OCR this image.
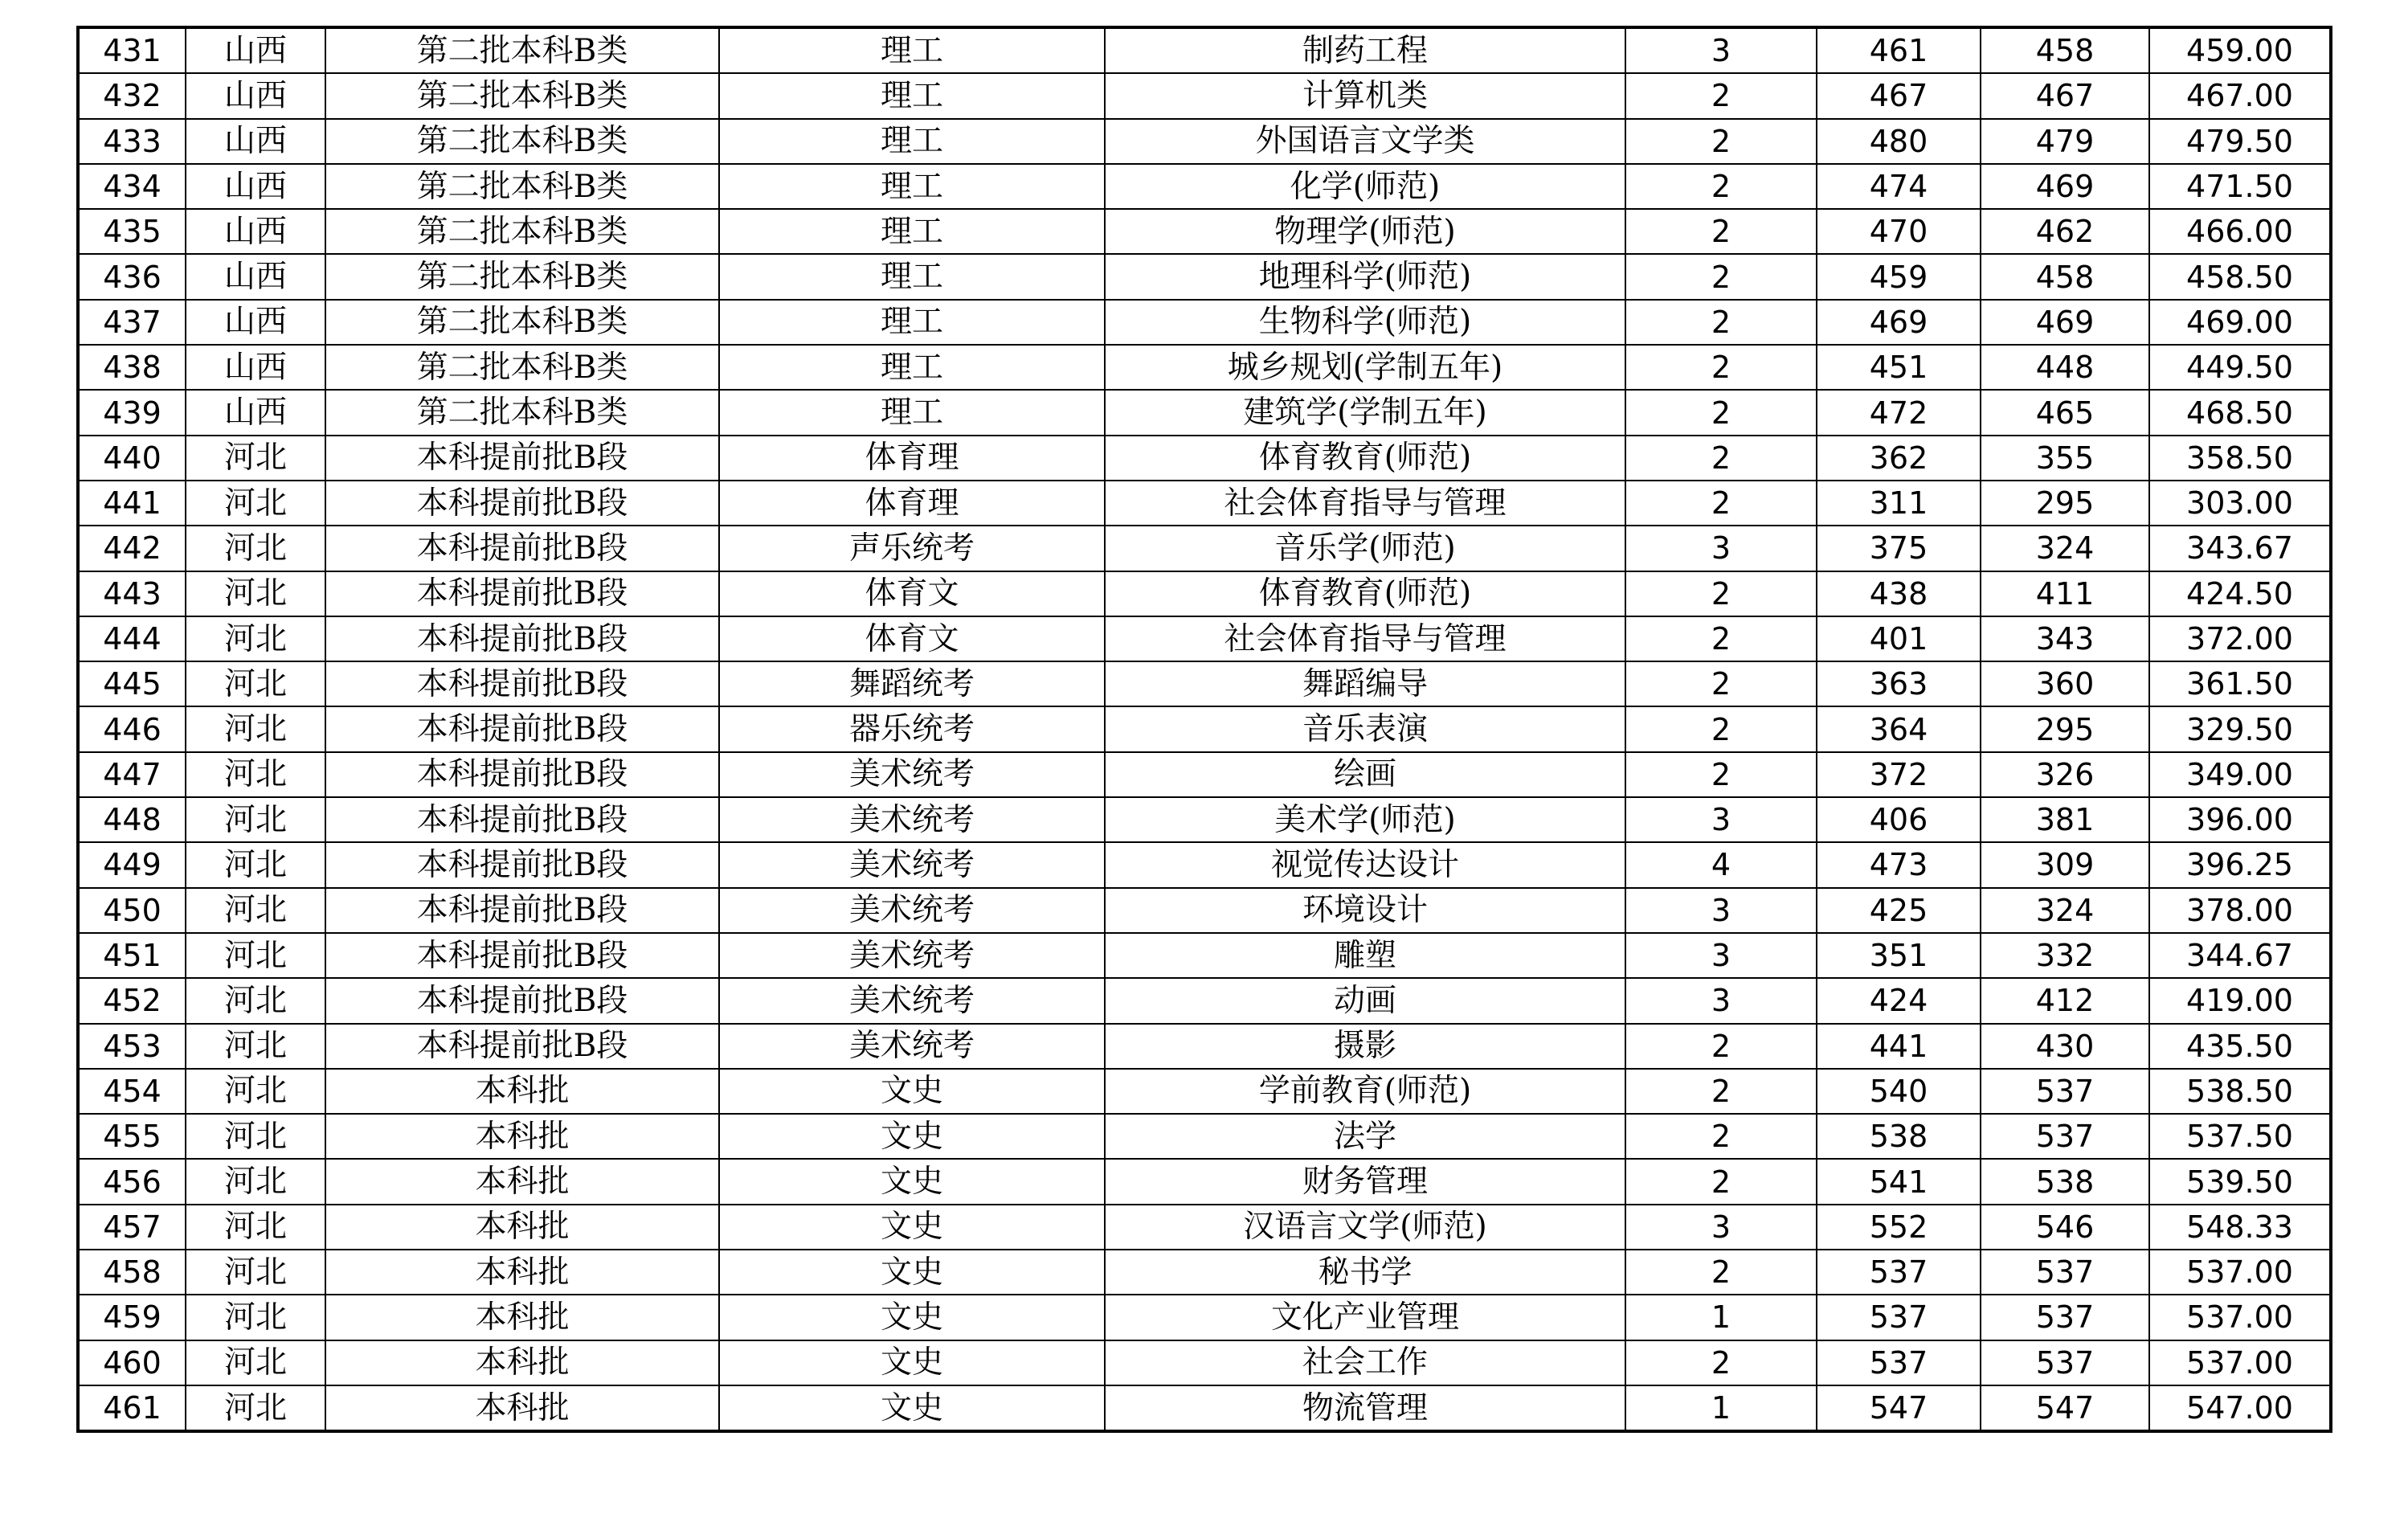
431	山西	第二批本科B类	理工	制药工程	3	461	458	459.00
432	山西	第二批本科B类	理工	计算机类	2	467	467	467.00
433	山西	第二批本科B类	理工	外国语言文学类	2	480	479	479.50
434	山西	第二批本科B类	理工	化学(师范)	2	474	469	471.50
435	山西	第二批本科B类	理工	物理学(师范)	2	470	462	466.00
436	山西	第二批本科B类	理工	地理科学(师范)	2	459	458	458.50
437	山西	第二批本科B类	理工	生物科学(师范)	2	469	469	469.00
438	山西	第二批本科B类	理工	城乡规划(学制五年)	2	451	448	449.50
439	山西	第二批本科B类	理工	建筑学(学制五年)	2	472	465	468.50
440	河北	本科提前批B段	体育理	体育教育(师范)	2	362	355	358.50
441	河北	本科提前批B段	体育理	社会体育指导与管理	2	311	295	303.00
442	河北	本科提前批B段	声乐统考	音乐学(师范)	3	375	324	343.67
443	河北	本科提前批B段	体育文	体育教育(师范)	2	438	411	424.50
444	河北	本科提前批B段	体育文	社会体育指导与管理	2	401	343	372.00
445	河北	本科提前批B段	舞蹈统考	舞蹈编导	2	363	360	361.50
446	河北	本科提前批B段	器乐统考	音乐表演	2	364	295	329.50
447	河北	本科提前批B段	美术统考	绘画	2	372	326	349.00
448	河北	本科提前批B段	美术统考	美术学(师范)	3	406	381	396.00
449	河北	本科提前批B段	美术统考	视觉传达设计	4	473	309	396.25
450	河北	本科提前批B段	美术统考	环境设计	3	425	324	378.00
451	河北	本科提前批B段	美术统考	雕塑	3	351	332	344.67
452	河北	本科提前批B段	美术统考	动画	3	424	412	419.00
453	河北	本科提前批B段	美术统考	摄影	2	441	430	435.50
454	河北	本科批	文史	学前教育(师范)	2	540	537	538.50
455	河北	本科批	文史	法学	2	538	537	537.50
456	河北	本科批	文史	财务管理	2	541	538	539.50
457	河北	本科批	文史	汉语言文学(师范)	3	552	546	548.33
458	河北	本科批	文史	秘书学	2	537	537	537.00
459	河北	本科批	文史	文化产业管理	1	537	537	537.00
460	河北	本科批	文史	社会工作	2	537	537	537.00
461	河北	本科批	文史	物流管理	1	547	547	547.00
